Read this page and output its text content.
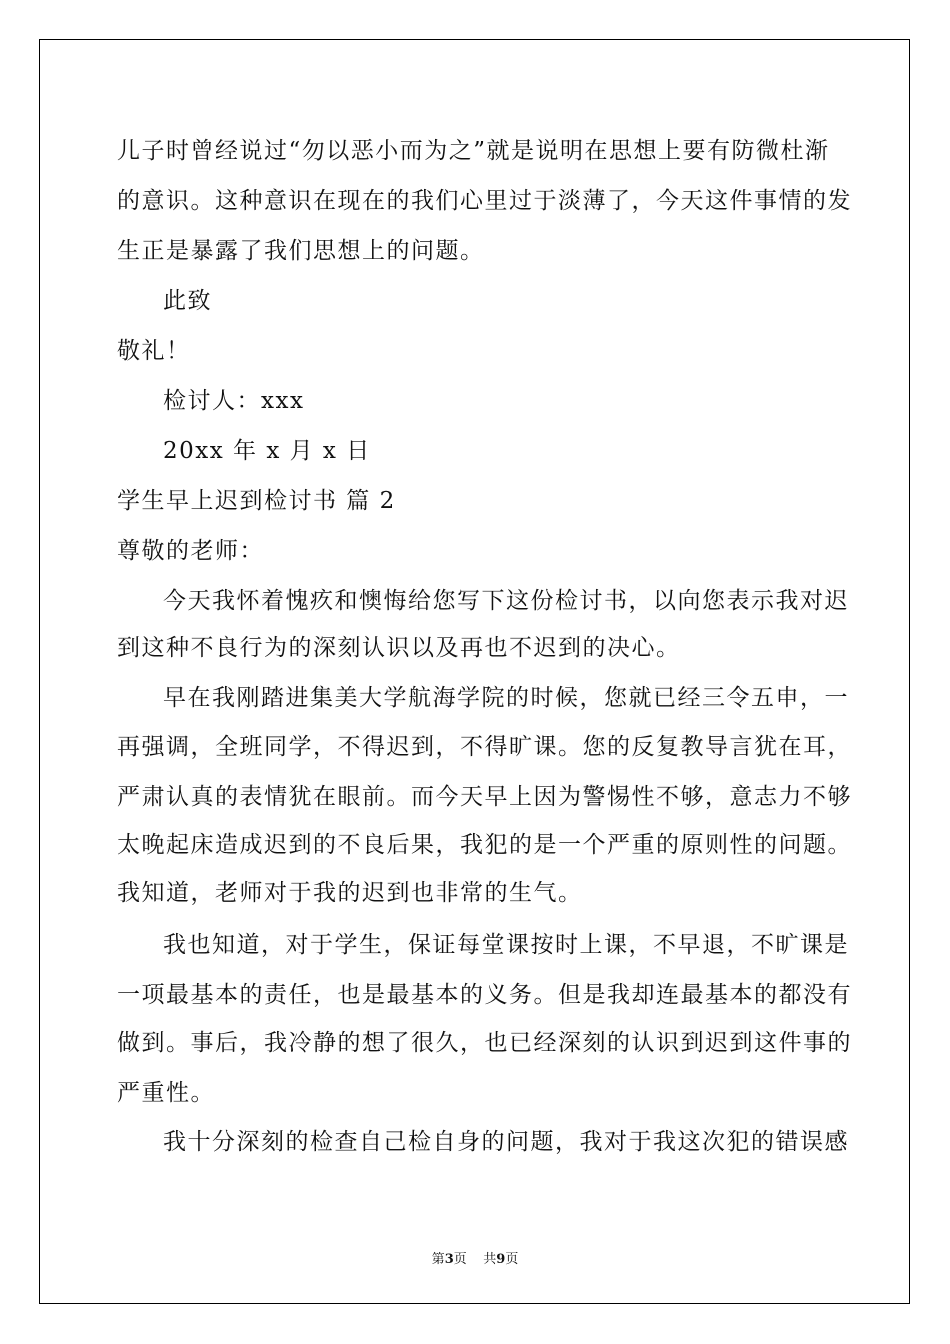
儿子时曾经说过“勿以恶小而为之”就是说明在思想上要有防微杜渐
的意识。这种意识在现在的我们心里过于淡薄了，今天这件事情的发
生正是暴露了我们思想上的问题。
此致
敬礼！
检讨人：xxx
20xx 年 x 月 x 日
学生早上迟到检讨书 篇 2
尊敬的老师：
今天我怀着愧疚和懊悔给您写下这份检讨书，以向您表示我对迟
到这种不良行为的深刻认识以及再也不迟到的决心。
早在我刚踏进集美大学航海学院的时候，您就已经三令五申，一
再强调，全班同学，不得迟到，不得旷课。您的反复教导言犹在耳，
严肃认真的表情犹在眼前。而今天早上因为警惕性不够，意志力不够
太晚起床造成迟到的不良后果，我犯的是一个严重的原则性的问题。
我知道，老师对于我的迟到也非常的生气。
我也知道，对于学生，保证每堂课按时上课，不早退，不旷课是
一项最基本的责任，也是最基本的义务。但是我却连最基本的都没有
做到。事后，我冷静的想了很久，也已经深刻的认识到迟到这件事的
严重性。
我十分深刻的检查自己检自身的问题，我对于我这次犯的错误感
第3页    共9页
